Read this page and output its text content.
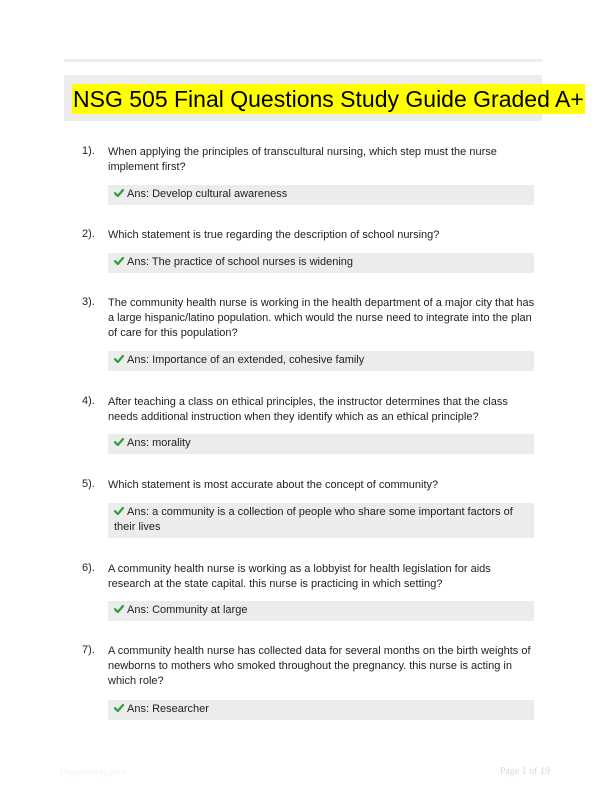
NSG 505 Final Questions Study Guide Graded A+
1). When applying the principles of transcultural nursing, which step must the nurse implement first?
Ans: Develop cultural awareness
2). Which statement is true regarding the description of school nursing?
Ans: The practice of school nurses is widening
3). The community health nurse is working in the health department of a major city that has a large hispanic/latino population. which would the nurse need to integrate into the plan of care for this population?
Ans: Importance of an extended, cohesive family
4). After teaching a class on ethical principles, the instructor determines that the class needs additional instruction when they identify which as an ethical principle?
Ans: morality
5). Which statement is most accurate about the concept of community?
Ans: a community is a collection of people who share some important factors of their lives
6). A community health nurse is working as a lobbyist for health legislation for aids research at the state capital. this nurse is practicing in which setting?
Ans: Community at large
7). A community health nurse has collected data for several months on the birth weights of newborns to mothers who smoked throughout the pregnancy. this nurse is acting in which role?
Ans: Researcher
PaperStudy.com	Page 1 of 19
